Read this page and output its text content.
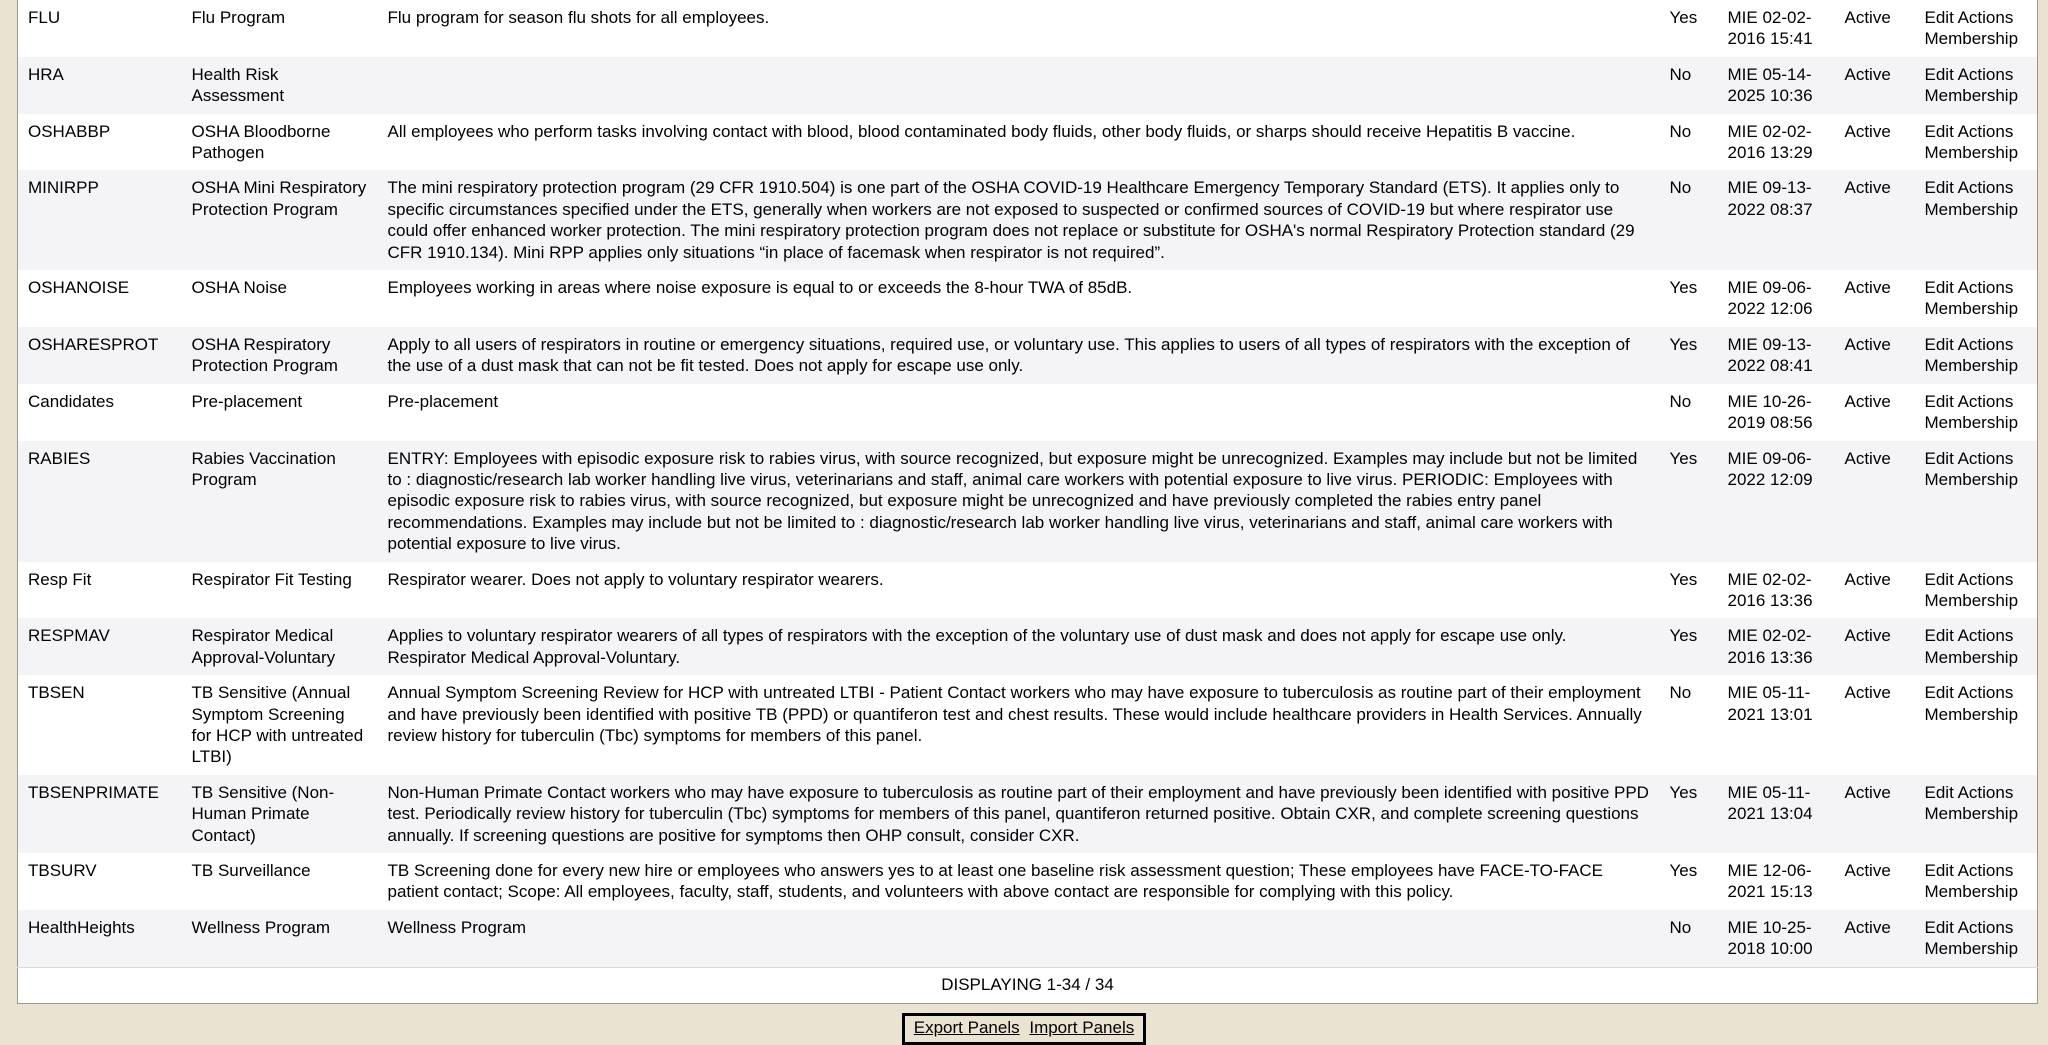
FLU	Flu Program	Flu program for season flu shots for all employees.	Yes	MIE 02-02-2016 15:41	Active	Edit Actions Membership
HRA	Health Risk Assessment		No	MIE 05-14-2025 10:36	Active	Edit Actions Membership
OSHABBP	OSHA Bloodborne Pathogen	All employees who perform tasks involving contact with blood, blood contaminated body fluids, other body fluids, or sharps should receive Hepatitis B vaccine.	No	MIE 02-02-2016 13:29	Active	Edit Actions Membership
MINIRPP	OSHA Mini Respiratory Protection Program	The mini respiratory protection program (29 CFR 1910.504) is one part of the OSHA COVID-19 Healthcare Emergency Temporary Standard (ETS). It applies only to specific circumstances specified under the ETS, generally when workers are not exposed to suspected or confirmed sources of COVID-19 but where respirator use could offer enhanced worker protection. The mini respiratory protection program does not replace or substitute for OSHA's normal Respiratory Protection standard (29 CFR 1910.134). Mini RPP applies only situations “in place of facemask when respirator is not required”.	No	MIE 09-13-2022 08:37	Active	Edit Actions Membership
OSHANOISE	OSHA Noise	Employees working in areas where noise exposure is equal to or exceeds the 8-hour TWA of 85dB.	Yes	MIE 09-06-2022 12:06	Active	Edit Actions Membership
OSHARESPROT	OSHA Respiratory Protection Program	Apply to all users of respirators in routine or emergency situations, required use, or voluntary use. This applies to users of all types of respirators with the exception of the use of a dust mask that can not be fit tested. Does not apply for escape use only.	Yes	MIE 09-13-2022 08:41	Active	Edit Actions Membership
Candidates	Pre-placement	Pre-placement	No	MIE 10-26-2019 08:56	Active	Edit Actions Membership
RABIES	Rabies Vaccination Program	ENTRY: Employees with episodic exposure risk to rabies virus, with source recognized, but exposure might be unrecognized. Examples may include but not be limited to : diagnostic/research lab worker handling live virus, veterinarians and staff, animal care workers with potential exposure to live virus. PERIODIC: Employees with episodic exposure risk to rabies virus, with source recognized, but exposure might be unrecognized and have previously completed the rabies entry panel recommendations. Examples may include but not be limited to : diagnostic/research lab worker handling live virus, veterinarians and staff, animal care workers with potential exposure to live virus.	Yes	MIE 09-06-2022 12:09	Active	Edit Actions Membership
Resp Fit	Respirator Fit Testing	Respirator wearer. Does not apply to voluntary respirator wearers.	Yes	MIE 02-02-2016 13:36	Active	Edit Actions Membership
RESPMAV	Respirator Medical Approval-Voluntary	Applies to voluntary respirator wearers of all types of respirators with the exception of the voluntary use of dust mask and does not apply for escape use only. Respirator Medical Approval-Voluntary.	Yes	MIE 02-02-2016 13:36	Active	Edit Actions Membership
TBSEN	TB Sensitive (Annual Symptom Screening for HCP with untreated LTBI)	Annual Symptom Screening Review for HCP with untreated LTBI - Patient Contact workers who may have exposure to tuberculosis as routine part of their employment and have previously been identified with positive TB (PPD) or quantiferon test and chest results. These would include healthcare providers in Health Services. Annually review history for tuberculin (Tbc) symptoms for members of this panel.	No	MIE 05-11-2021 13:01	Active	Edit Actions Membership
TBSENPRIMATE	TB Sensitive (Non-Human Primate Contact)	Non-Human Primate Contact workers who may have exposure to tuberculosis as routine part of their employment and have previously been identified with positive PPD test. Periodically review history for tuberculin (Tbc) symptoms for members of this panel, quantiferon returned positive. Obtain CXR, and complete screening questions annually. If screening questions are positive for symptoms then OHP consult, consider CXR.	Yes	MIE 05-11-2021 13:04	Active	Edit Actions Membership
TBSURV	TB Surveillance	TB Screening done for every new hire or employees who answers yes to at least one baseline risk assessment question; These employees have FACE-TO-FACE patient contact; Scope: All employees, faculty, staff, students, and volunteers with above contact are responsible for complying with this policy.	Yes	MIE 12-06-2021 15:13	Active	Edit Actions Membership
HealthHeights	Wellness Program	Wellness Program	No	MIE 10-25-2018 10:00	Active	Edit Actions Membership
DISPLAYING 1-34 / 34						
Export Panels Import Panels
